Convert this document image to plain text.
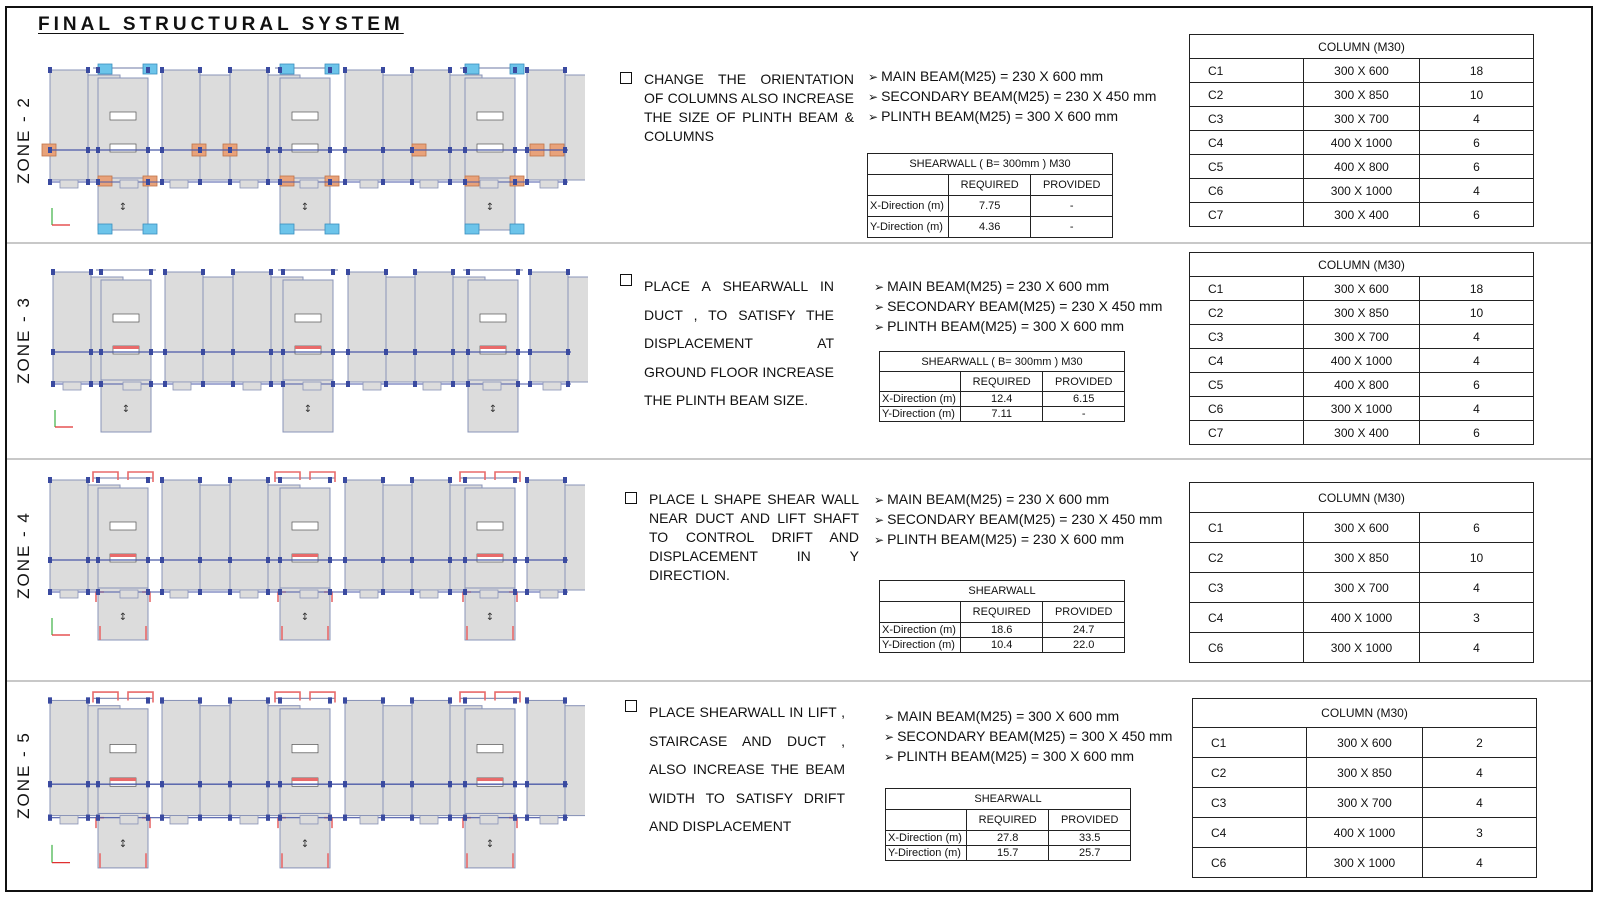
FINAL STRUCTURAL SYSTEM
ZONE - 2
↕	↕	↕
CHANGE THE ORIENTATION OF COLUMNS ALSO INCREASE THE SIZE OF PLINTH BEAM & COLUMNS
➢ MAIN BEAM(M25) = 230 X 600 mm
➢ SECONDARY BEAM(M25) = 230 X 450 mm
➢ PLINTH BEAM(M25) = 300 X 600 mm
SHEARWALL ( B= 300mm ) M30		
	REQUIRED	PROVIDED
X-Direction (m)	7.75	-
Y-Direction (m)	4.36	-
COLUMN (M30)		
C1	300 X 600	18
C2	300 X 850	10
C3	300 X 700	4
C4	400 X 1000	6
C5	400 X 800	6
C6	300 X 1000	4
C7	300 X 400	6
ZONE - 3
↕	↕	↕
PLACE A SHEARWALL IN DUCT , TO SATISFY THE DISPLACEMENT AT GROUND FLOOR INCREASE THE PLINTH BEAM SIZE.
➢ MAIN BEAM(M25) = 230 X 600 mm
➢ SECONDARY BEAM(M25) = 230 X 450 mm
➢ PLINTH BEAM(M25) = 300 X 600 mm
SHEARWALL ( B= 300mm ) M30		
	REQUIRED	PROVIDED
X-Direction (m)	12.4	6.15
Y-Direction (m)	7.11	-
COLUMN (M30)		
C1	300 X 600	18
C2	300 X 850	10
C3	300 X 700	4
C4	400 X 1000	4
C5	400 X 800	6
C6	300 X 1000	4
C7	300 X 400	6
ZONE - 4
↕	↕	↕
PLACE L SHAPE SHEAR WALL NEAR DUCT AND LIFT SHAFT TO CONTROL DRIFT AND DISPLACEMENT IN Y DIRECTION.
➢ MAIN BEAM(M25) = 230 X 600 mm
➢ SECONDARY BEAM(M25) = 230 X 450 mm
➢ PLINTH BEAM(M25) = 230 X 600 mm
SHEARWALL		
	REQUIRED	PROVIDED
X-Direction (m)	18.6	24.7
Y-Direction (m)	10.4	22.0
COLUMN (M30)		
C1	300 X 600	6
C2	300 X 850	10
C3	300 X 700	4
C4	400 X 1000	3
C6	300 X 1000	4
ZONE - 5
↕	↕	↕
PLACE SHEARWALL IN LIFT , STAIRCASE AND DUCT , ALSO INCREASE THE BEAM WIDTH TO SATISFY DRIFT AND DISPLACEMENT
➢ MAIN BEAM(M25) = 300 X 600 mm
➢ SECONDARY BEAM(M25) = 300 X 450 mm
➢ PLINTH BEAM(M25) = 300 X 600 mm
SHEARWALL		
	REQUIRED	PROVIDED
X-Direction (m)	27.8	33.5
Y-Direction (m)	15.7	25.7
COLUMN (M30)		
C1	300 X 600	2
C2	300 X 850	4
C3	300 X 700	4
C4	400 X 1000	3
C6	300 X 1000	4
